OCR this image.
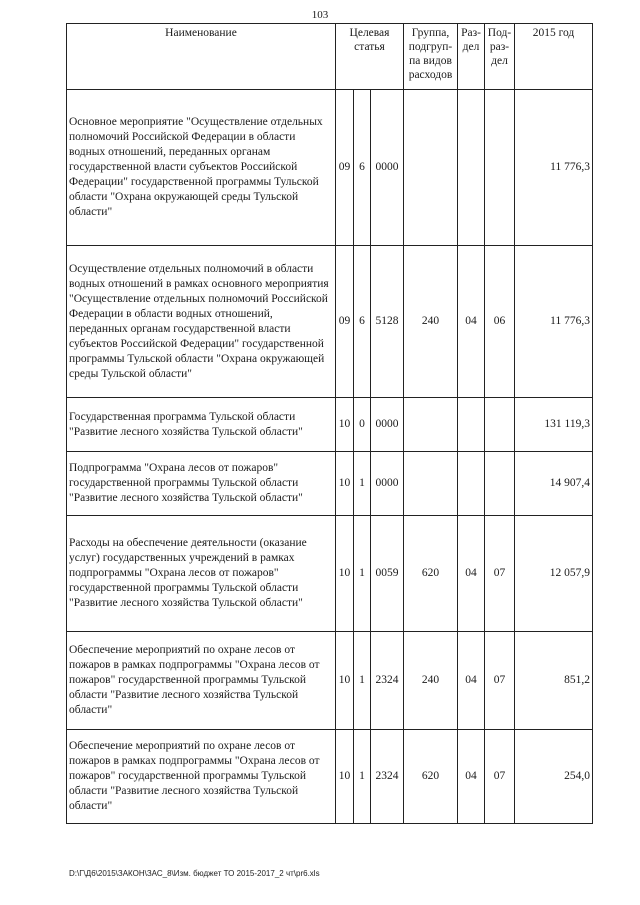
103
Наименование	Целевая статья			Группа, подгруп-па видов расходов	Раз-дел	Под-раз-дел	2015 год
Основное мероприятие "Осуществление отдельных полномочий Российской Федерации в области водных отношений, переданных органам государственной власти субъектов Российской Федерации" государственной программы Тульской области "Охрана окружающей среды Тульской области"	09	6	0000				11 776,3
Осуществление отдельных полномочий в области водных отношений в рамках основного мероприятия "Осуществление отдельных полномочий Российской Федерации в области водных отношений, переданных органам государственной власти субъектов Российской Федерации" государственной программы Тульской области "Охрана окружающей среды Тульской области"	09	6	5128	240	04	06	11 776,3
Государственная программа Тульской области "Развитие лесного хозяйства Тульской области"	10	0	0000				131 119,3
Подпрограмма "Охрана лесов от пожаров" государственной программы Тульской области "Развитие лесного хозяйства Тульской области"	10	1	0000				14 907,4
Расходы на обеспечение деятельности (оказание услуг) государственных учреждений в рамках подпрограммы "Охрана лесов от пожаров" государственной программы Тульской области "Развитие лесного хозяйства Тульской области"	10	1	0059	620	04	07	12 057,9
Обеспечение мероприятий по охране лесов от пожаров в рамках подпрограммы "Охрана лесов от пожаров" государственной программы Тульской области "Развитие лесного хозяйства Тульской области"	10	1	2324	240	04	07	851,2
Обеспечение мероприятий по охране лесов от пожаров в рамках подпрограммы "Охрана лесов от пожаров" государственной программы Тульской области "Развитие лесного хозяйства Тульской области"	10	1	2324	620	04	07	254,0
D:\Г\Д6\2015\ЗАКОН\ЗАС_8\Изм. бюджет ТО 2015-2017_2 чт\pr6.xls
